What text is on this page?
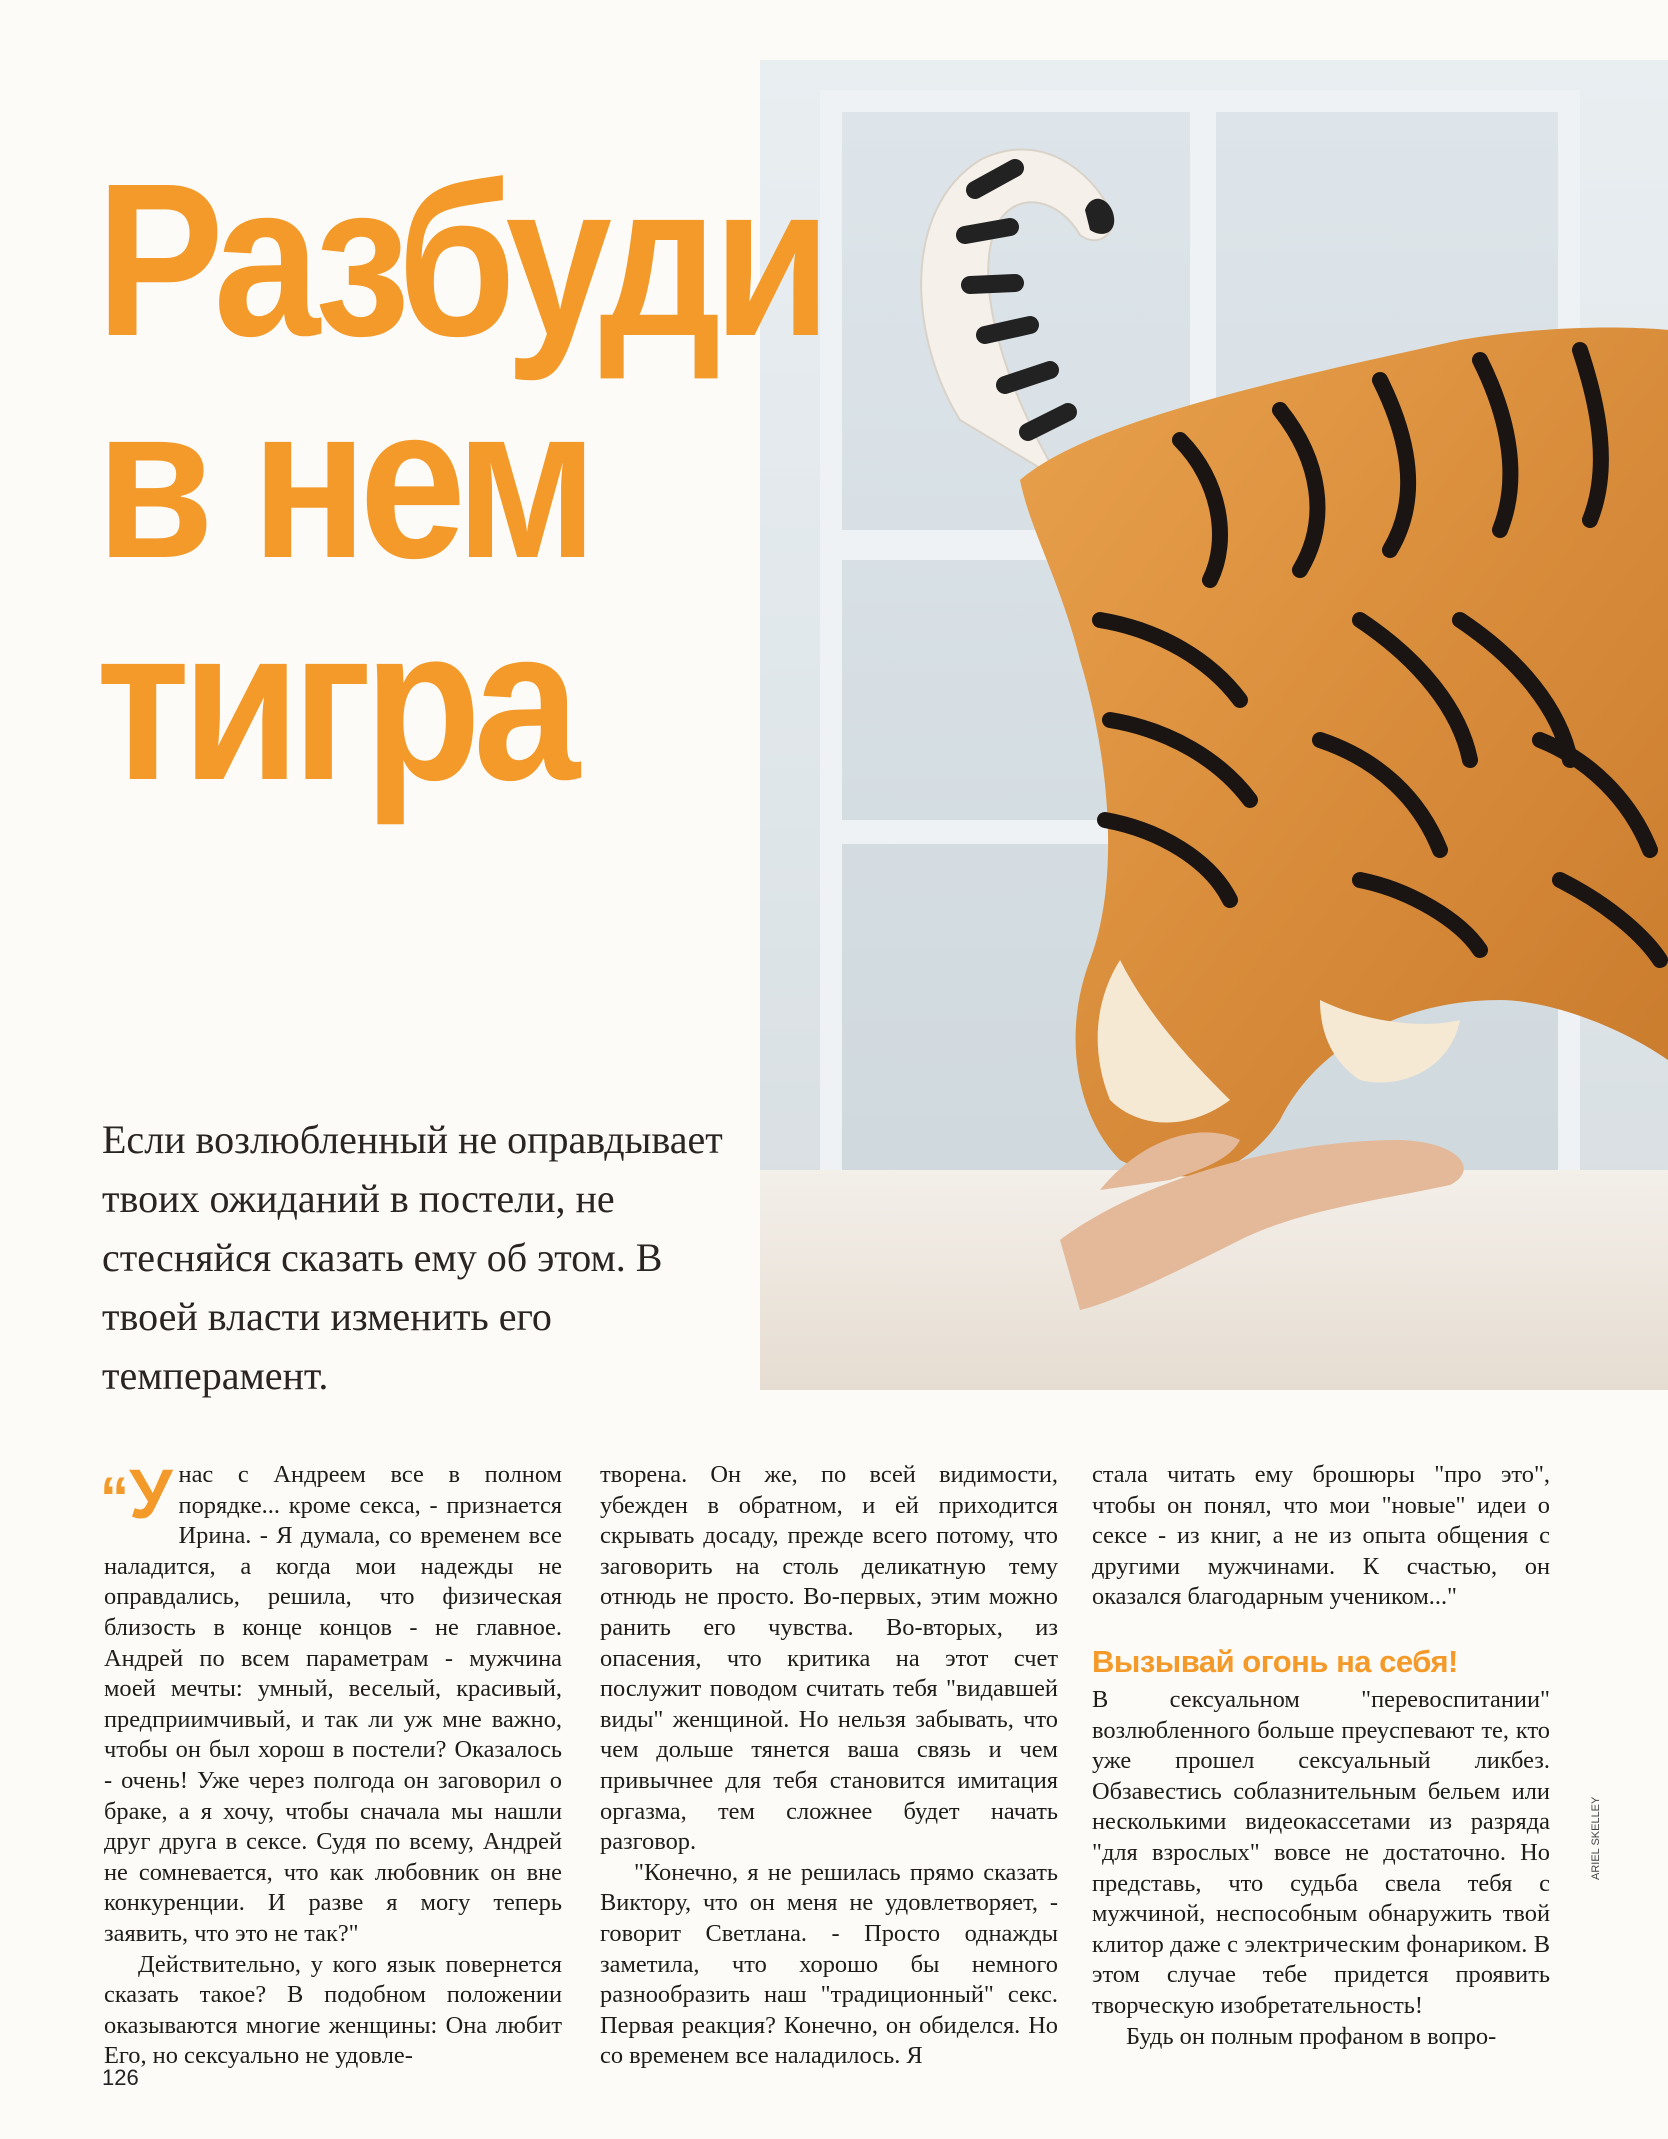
Разбуди
в нем
тигра

Если возлюбленный не оправдывает твоих ожиданий в постели, не стесняйся сказать ему об этом. В твоей власти изменить его темперамент.

“У нас с Андреем все в полном порядке... кроме секса, - признается Ирина. - Я думала, со временем все наладится, а когда мои надежды не оправдались, решила, что физическая близость в конце концов - не главное. Андрей по всем параметрам - мужчина моей мечты: умный, веселый, красивый, предприимчивый, и так ли уж мне важно, чтобы он был хорош в постели? Оказалось - очень! Уже через полгода он заговорил о браке, а я хочу, чтобы сначала мы нашли друг друга в сексе. Судя по всему, Андрей не сомневается, что как любовник он вне конкуренции. И разве я могу теперь заявить, что это не так?"

Действительно, у кого язык повернется сказать такое? В подобном положении оказываются многие женщины: Она любит Его, но сексуально не удовле-

творена. Он же, по всей видимости, убежден в обратном, и ей приходится скрывать досаду, прежде всего потому, что заговорить на столь деликатную тему отнюдь не просто. Во-первых, этим можно ранить его чувства. Во-вторых, из опасения, что критика на этот счет послужит поводом считать тебя "видавшей виды" женщиной. Но нельзя забывать, что чем дольше тянется ваша связь и чем привычнее для тебя становится имитация оргазма, тем сложнее будет начать разговор.

"Конечно, я не решилась прямо сказать Виктору, что он меня не удовлетворяет, - говорит Светлана. - Просто однажды заметила, что хорошо бы немного разнообразить наш "традиционный" секс. Первая реакция? Конечно, он обиделся. Но со временем все наладилось. Я

стала читать ему брошюры "про это", чтобы он понял, что мои "новые" идеи о сексе - из книг, а не из опыта общения с другими мужчинами. К счастью, он оказался благодарным учеником..."

Вызывай огонь на себя!

В сексуальном "перевоспитании" возлюбленного больше преуспевают те, кто уже прошел сексуальный ликбез. Обзавестись соблазнительным бельем или несколькими видеокассетами из разряда "для взрослых" вовсе не достаточно. Но представь, что судьба свела тебя с мужчиной, неспособным обнаружить твой клитор даже с электрическим фонариком. В этом случае тебе придется проявить творческую изобретательность!

Будь он полным профаном в вопро-

126
ARIEL SKELLEY
